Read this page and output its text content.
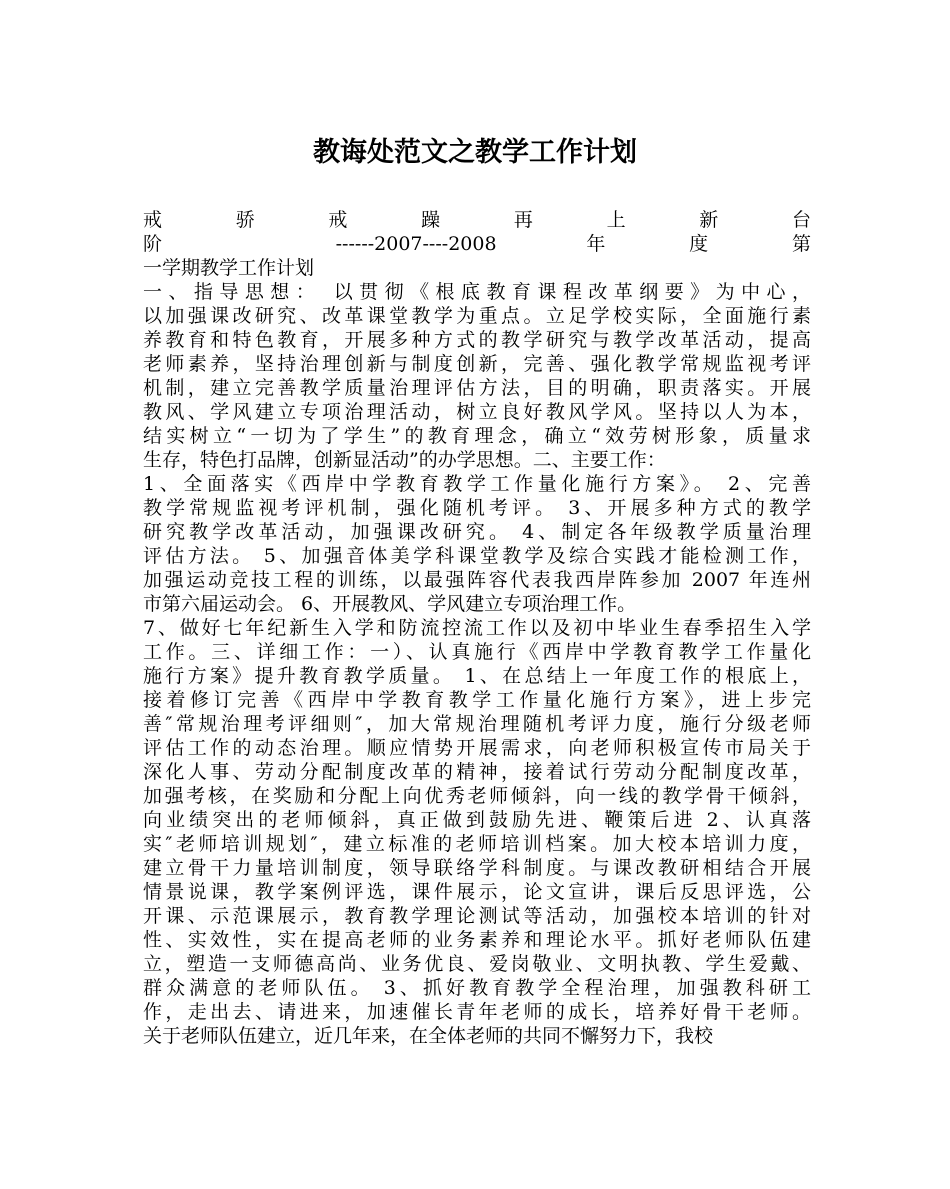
教诲处范文之教学工作计划
戒 骄 戒 躁 再 上 新 台
阶 ------2007----2008 年度第
一学期教学工作计划
一、指导思想： 以贯彻《根底教育课程改革纲要》为中心，
以加强课改研究、改革课堂教学为重点。立足学校实际，全面施行素
养教育和特色教育，开展多种方式的教学研究与教学改革活动，提高
老师素养，坚持治理创新与制度创新，完善、强化教学常规监视考评
机制，建立完善教学质量治理评估方法，目的明确，职责落实。开展
教风、学风建立专项治理活动，树立良好教风学风。坚持以人为本，
结实树立“一切为了学生”的教育理念，确立“效劳树形象，质量求
生存，特色打品牌，创新显活动”的办学思想。二、主要工作：
1、全面落实《西岸中学教育教学工作量化施行方案》。 2、完善
教学常规监视考评机制，强化随机考评。 3、开展多种方式的教学
研究教学改革活动，加强课改研究。 4、制定各年级教学质量治理
评估方法。 5、加强音体美学科课堂教学及综合实践才能检测工作，
加强运动竞技工程的训练，以最强阵容代表我西岸阵参加 2007 年连州
市第六届运动会。 6、开展教风、学风建立专项治理工作。
7、做好七年纪新生入学和防流控流工作以及初中毕业生春季招生入学
工作。三、详细工作：一）、认真施行《西岸中学教育教学工作量化
施行方案》提升教育教学质量。 1、在总结上一年度工作的根底上，
接着修订完善《西岸中学教育教学工作量化施行方案》，进上步完
善″常规治理考评细则″，加大常规治理随机考评力度，施行分级老师
评估工作的动态治理。顺应情势开展需求，向老师积极宣传市局关于
深化人事、劳动分配制度改革的精神，接着试行劳动分配制度改革，
加强考核，在奖励和分配上向优秀老师倾斜，向一线的教学骨干倾斜，
向业绩突出的老师倾斜，真正做到鼓励先进、鞭策后进 2、认真落
实″老师培训规划″，建立标准的老师培训档案。加大校本培训力度，
建立骨干力量培训制度，领导联络学科制度。与课改教研相结合开展
情景说课，教学案例评选，课件展示，论文宣讲，课后反思评选，公
开课、示范课展示，教育教学理论测试等活动，加强校本培训的针对
性、实效性，实在提高老师的业务素养和理论水平。抓好老师队伍建
立，塑造一支师德高尚、业务优良、爱岗敬业、文明执教、学生爱戴、
群众满意的老师队伍。 3、抓好教育教学全程治理，加强教科研工
作，走出去、请进来，加速催长青年老师的成长，培养好骨干老师。
关于老师队伍建立，近几年来，在全体老师的共同不懈努力下，我校
